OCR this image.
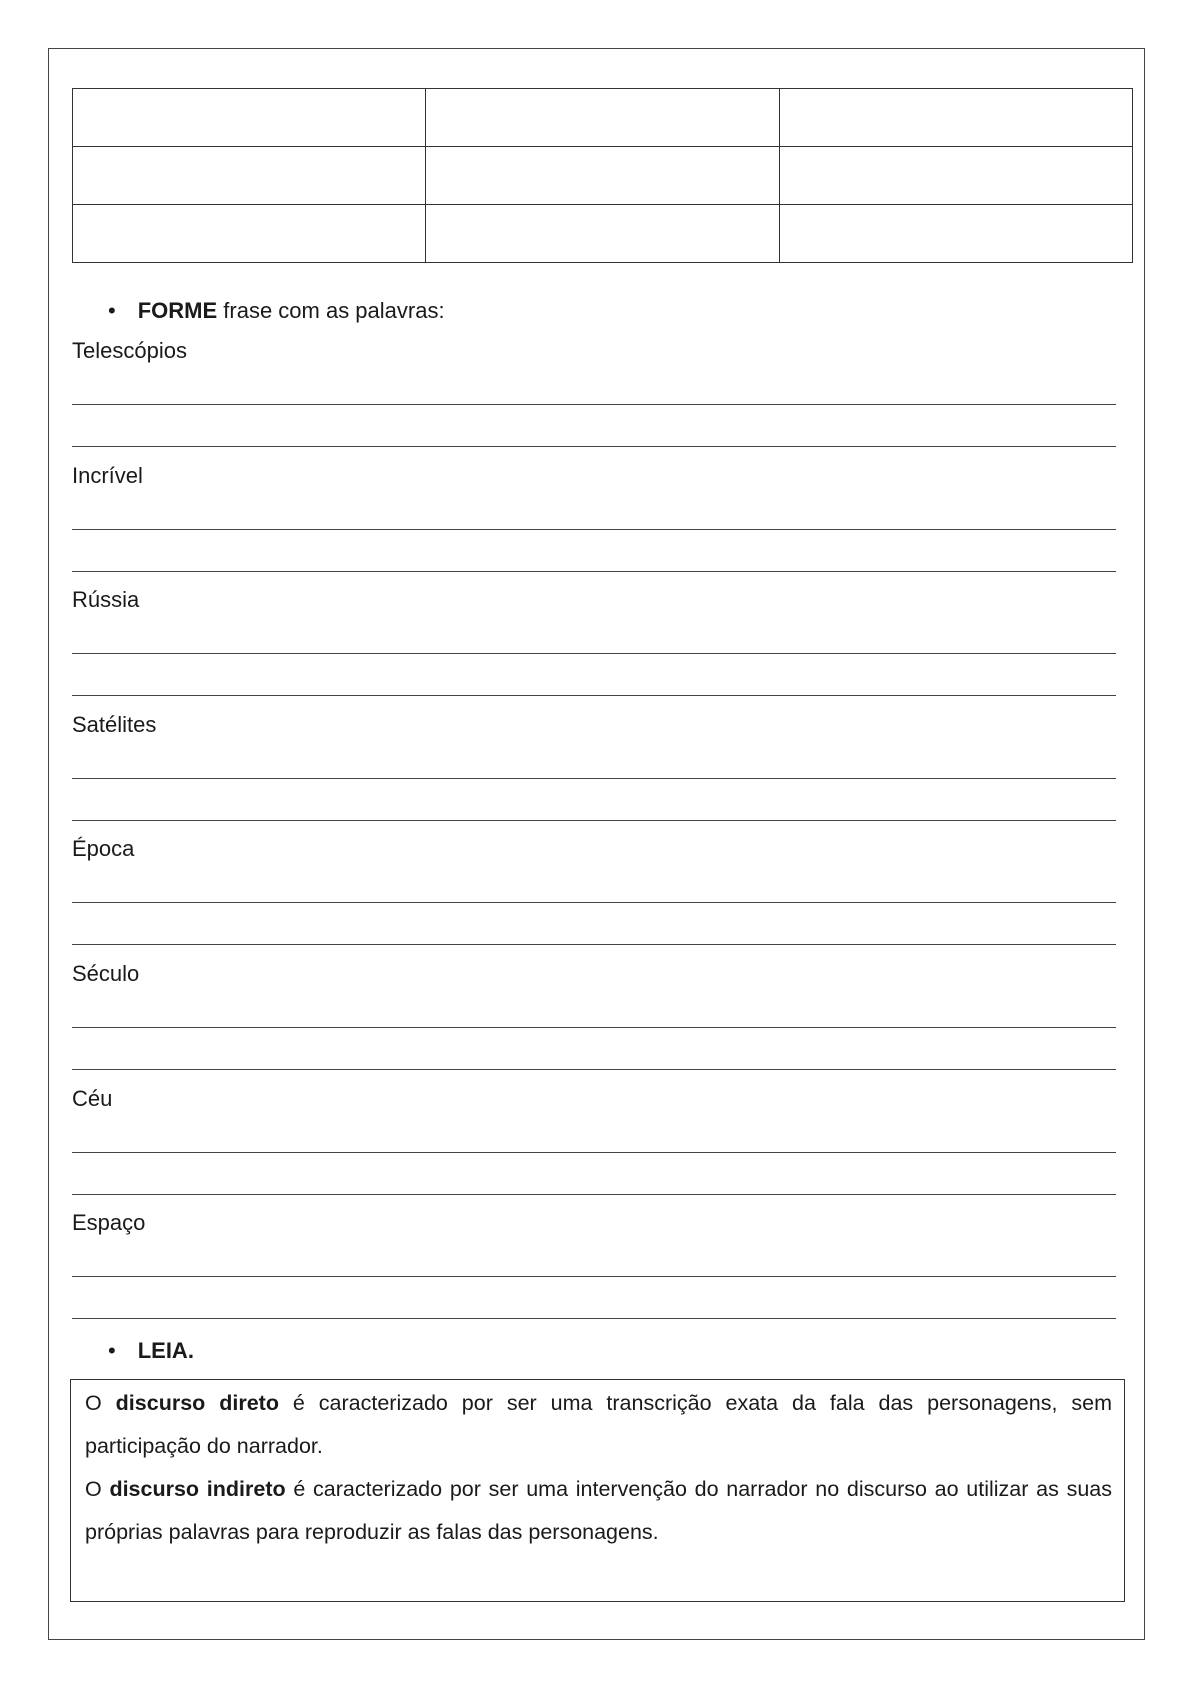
• FORME frase com as palavras:
Telescópios
Incrível
Rússia
Satélites
Época
Século
Céu
Espaço
• LEIA.

O discurso direto é caracterizado por ser uma transcrição exata da fala das personagens, sem participação do narrador.

O discurso indireto é caracterizado por ser uma intervenção do narrador no discurso ao utilizar as suas próprias palavras para reproduzir as falas das personagens.
